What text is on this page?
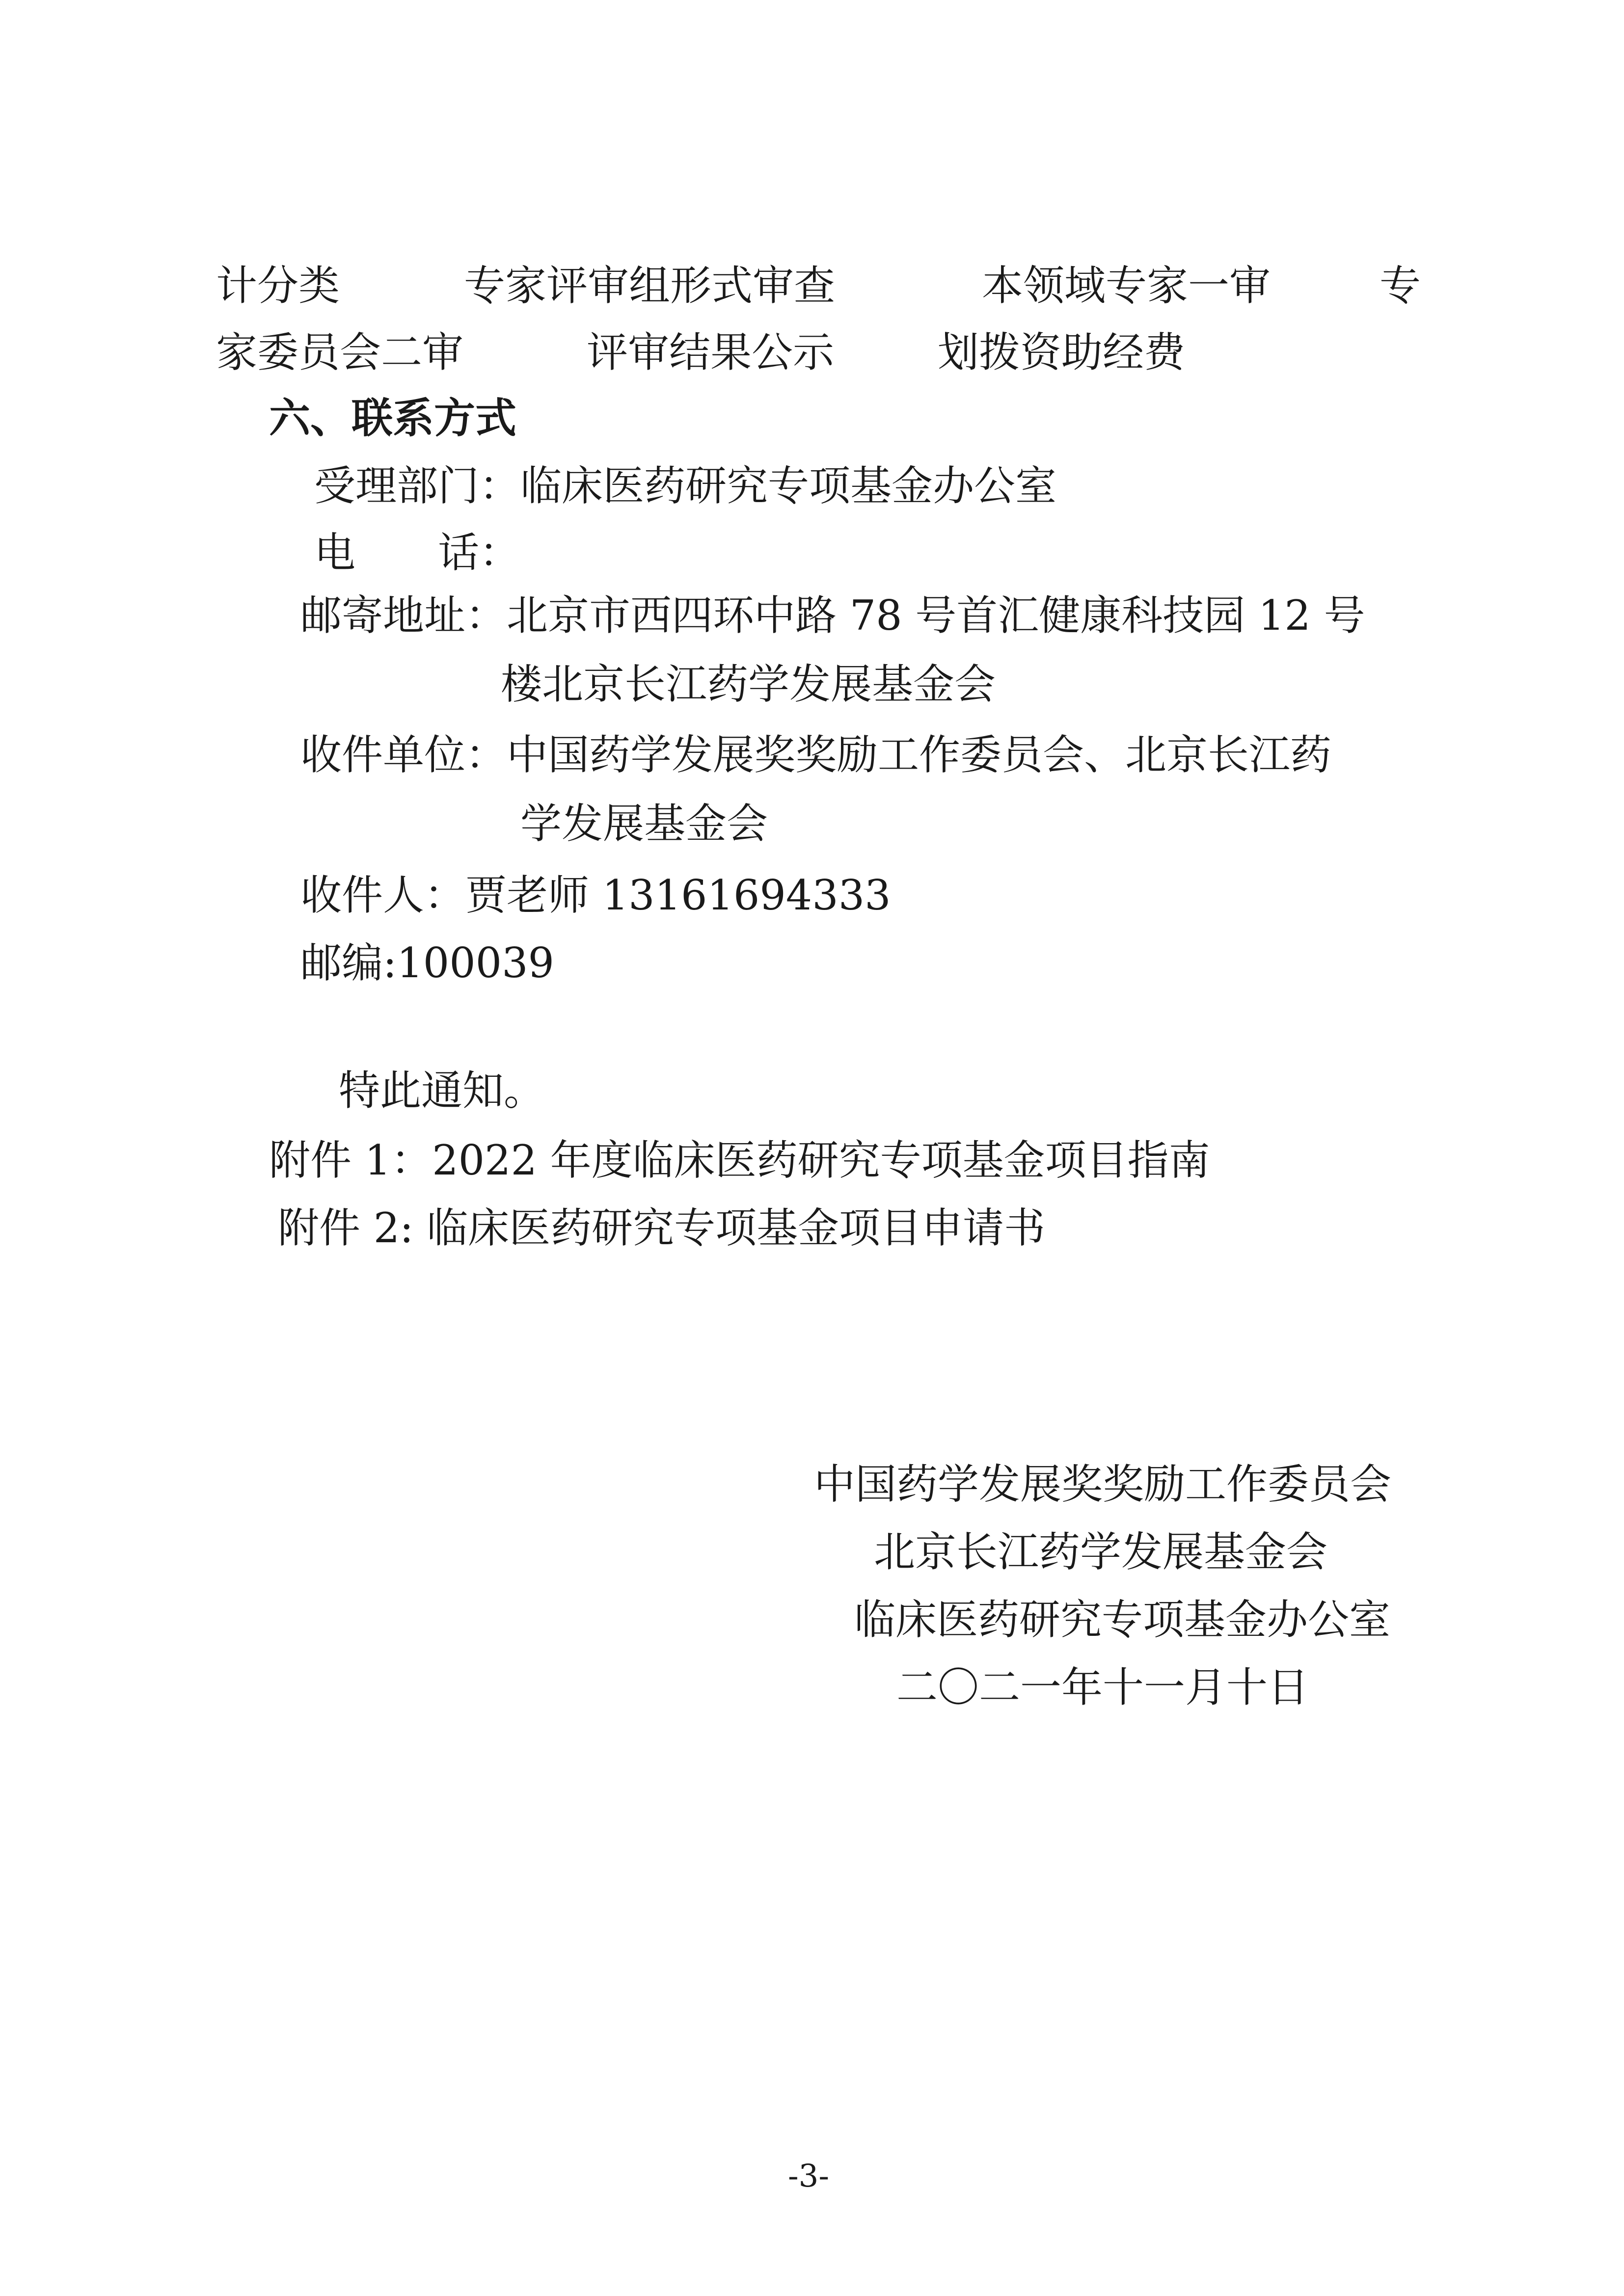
计分类	专家评审组形式审查	本领域专家一审	专
家委员会二审	评审结果公示	划拨资助经费
六、联系方式
受理部门：临床医药研究专项基金办公室
电　　话：
邮寄地址：北京市西四环中路 78 号首汇健康科技园 12 号
楼北京长江药学发展基金会
收件单位：中国药学发展奖奖励工作委员会、北京长江药
学发展基金会
收件人：贾老师 13161694333
邮编:100039
特此通知。
附件 1：2022 年度临床医药研究专项基金项目指南
附件 2: 临床医药研究专项基金项目申请书
中国药学发展奖奖励工作委员会
北京长江药学发展基金会
临床医药研究专项基金办公室
二〇二一年十一月十日
-3-
